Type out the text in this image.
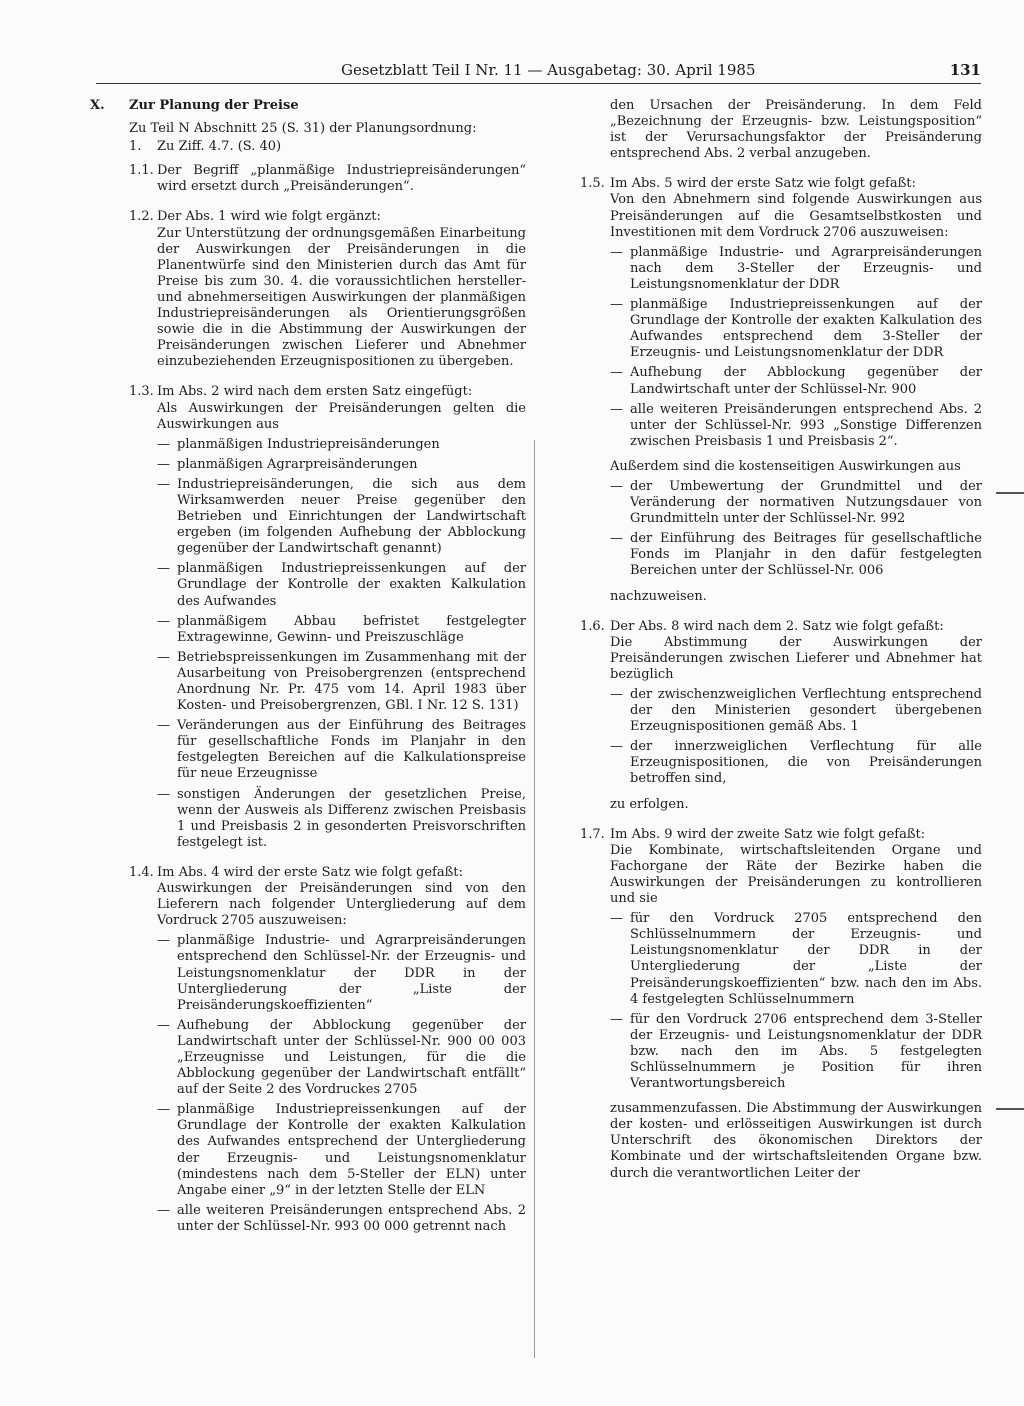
Gesetzblatt Teil I Nr. 11 — Ausgabetag: 30. April 1985	131
X. Zur Planung der Preise

Zu Teil N Abschnitt 25 (S. 31) der Planungsordnung:

1. Zu Ziff. 4.7. (S. 40)

1.1. Der Begriff „planmäßige Industriepreisänderungen“ wird ersetzt durch „Preisänderungen“.

1.2. Der Abs. 1 wird wie folgt ergänzt:

Zur Unterstützung der ordnungsgemäßen Einarbeitung der Auswirkungen der Preisänderungen in die Planentwürfe sind den Ministerien durch das Amt für Preise bis zum 30. 4. die voraussichtlichen hersteller- und abnehmerseitigen Auswirkungen der planmäßigen Industriepreisänderungen als Orientierungsgrößen sowie die in die Abstimmung der Auswirkungen der Preisänderungen zwischen Lieferer und Abnehmer einzubeziehenden Erzeugnispositionen zu übergeben.

1.3. Im Abs. 2 wird nach dem ersten Satz eingefügt:

Als Auswirkungen der Preisänderungen gelten die Auswirkungen aus

— planmäßigen Industriepreisänderungen
— planmäßigen Agrarpreisänderungen
— Industriepreisänderungen, die sich aus dem Wirksamwerden neuer Preise gegenüber den Betrieben und Einrichtungen der Landwirtschaft ergeben (im folgenden Aufhebung der Abblockung gegenüber der Landwirtschaft genannt)
— planmäßigen Industriepreissenkungen auf der Grundlage der Kontrolle der exakten Kalkulation des Aufwandes
— planmäßigem Abbau befristet festgelegter Extragewinne, Gewinn- und Preiszuschläge
— Betriebspreissenkungen im Zusammenhang mit der Ausarbeitung von Preisobergrenzen (entsprechend Anordnung Nr. Pr. 475 vom 14. April 1983 über Kosten- und Preisobergrenzen, GBl. I Nr. 12 S. 131)
— Veränderungen aus der Einführung des Beitrages für gesellschaftliche Fonds im Planjahr in den festgelegten Bereichen auf die Kalkulationspreise für neue Erzeugnisse
— sonstigen Änderungen der gesetzlichen Preise, wenn der Ausweis als Differenz zwischen Preisbasis 1 und Preisbasis 2 in gesonderten Preisvorschriften festgelegt ist.
1.4. Im Abs. 4 wird der erste Satz wie folgt gefaßt:

Auswirkungen der Preisänderungen sind von den Lieferern nach folgender Untergliederung auf dem Vordruck 2705 auszuweisen:

— planmäßige Industrie- und Agrarpreisänderungen entsprechend den Schlüssel-Nr. der Erzeugnis- und Leistungsnomenklatur der DDR in der Untergliederung der „Liste der Preisänderungskoeffizienten“
— Aufhebung der Abblockung gegenüber der Landwirtschaft unter der Schlüssel-Nr. 900 00 003 „Erzeugnisse und Leistungen, für die die Abblockung gegenüber der Landwirtschaft entfällt“ auf der Seite 2 des Vordruckes 2705
— planmäßige Industriepreissenkungen auf der Grundlage der Kontrolle der exakten Kalkulation des Aufwandes entsprechend der Untergliederung der Erzeugnis- und Leistungsnomenklatur (mindestens nach dem 5-Steller der ELN) unter Angabe einer „9“ in der letzten Stelle der ELN
— alle weiteren Preisänderungen entsprechend Abs. 2 unter der Schlüssel-Nr. 993 00 000 getrennt nach

den Ursachen der Preisänderung. In dem Feld „Bezeichnung der Erzeugnis- bzw. Leistungsposition“ ist der Verursachungsfaktor der Preisänderung entsprechend Abs. 2 verbal anzugeben.

1.5. Im Abs. 5 wird der erste Satz wie folgt gefaßt:

Von den Abnehmern sind folgende Auswirkungen aus Preisänderungen auf die Gesamtselbstkosten und Investitionen mit dem Vordruck 2706 auszuweisen:

— planmäßige Industrie- und Agrarpreisänderungen nach dem 3-Steller der Erzeugnis- und Leistungsnomenklatur der DDR
— planmäßige Industriepreissenkungen auf der Grundlage der Kontrolle der exakten Kalkulation des Aufwandes entsprechend dem 3-Steller der Erzeugnis- und Leistungsnomenklatur der DDR
— Aufhebung der Abblockung gegenüber der Landwirtschaft unter der Schlüssel-Nr. 900
— alle weiteren Preisänderungen entsprechend Abs. 2 unter der Schlüssel-Nr. 993 „Sonstige Differenzen zwischen Preisbasis 1 und Preisbasis 2“.

Außerdem sind die kostenseitigen Auswirkungen aus

— der Umbewertung der Grundmittel und der Veränderung der normativen Nutzungsdauer von Grundmitteln unter der Schlüssel-Nr. 992
— der Einführung des Beitrages für gesellschaftliche Fonds im Planjahr in den dafür festgelegten Bereichen unter der Schlüssel-Nr. 006

nachzuweisen.

1.6. Der Abs. 8 wird nach dem 2. Satz wie folgt gefaßt:

Die Abstimmung der Auswirkungen der Preisänderungen zwischen Lieferer und Abnehmer hat bezüglich

— der zwischenzweiglichen Verflechtung entsprechend der den Ministerien gesondert übergebenen Erzeugnispositionen gemäß Abs. 1
— der innerzweiglichen Verflechtung für alle Erzeugnispositionen, die von Preisänderungen betroffen sind,

zu erfolgen.

1.7. Im Abs. 9 wird der zweite Satz wie folgt gefaßt:

Die Kombinate, wirtschaftsleitenden Organe und Fachorgane der Räte der Bezirke haben die Auswirkungen der Preisänderungen zu kontrollieren und sie

— für den Vordruck 2705 entsprechend den Schlüsselnummern der Erzeugnis- und Leistungsnomenklatur der DDR in der Untergliederung der „Liste der Preisänderungskoeffizienten“ bzw. nach den im Abs. 4 festgelegten Schlüsselnummern
— für den Vordruck 2706 entsprechend dem 3-Steller der Erzeugnis- und Leistungsnomenklatur der DDR bzw. nach den im Abs. 5 festgelegten Schlüsselnummern je Position für ihren Verantwortungsbereich

zusammenzufassen. Die Abstimmung der Auswirkungen der kosten- und erlösseitigen Auswirkungen ist durch Unterschrift des ökonomischen Direktors der Kombinate und der wirtschaftsleitenden Organe bzw. durch die verantwortlichen Leiter der
